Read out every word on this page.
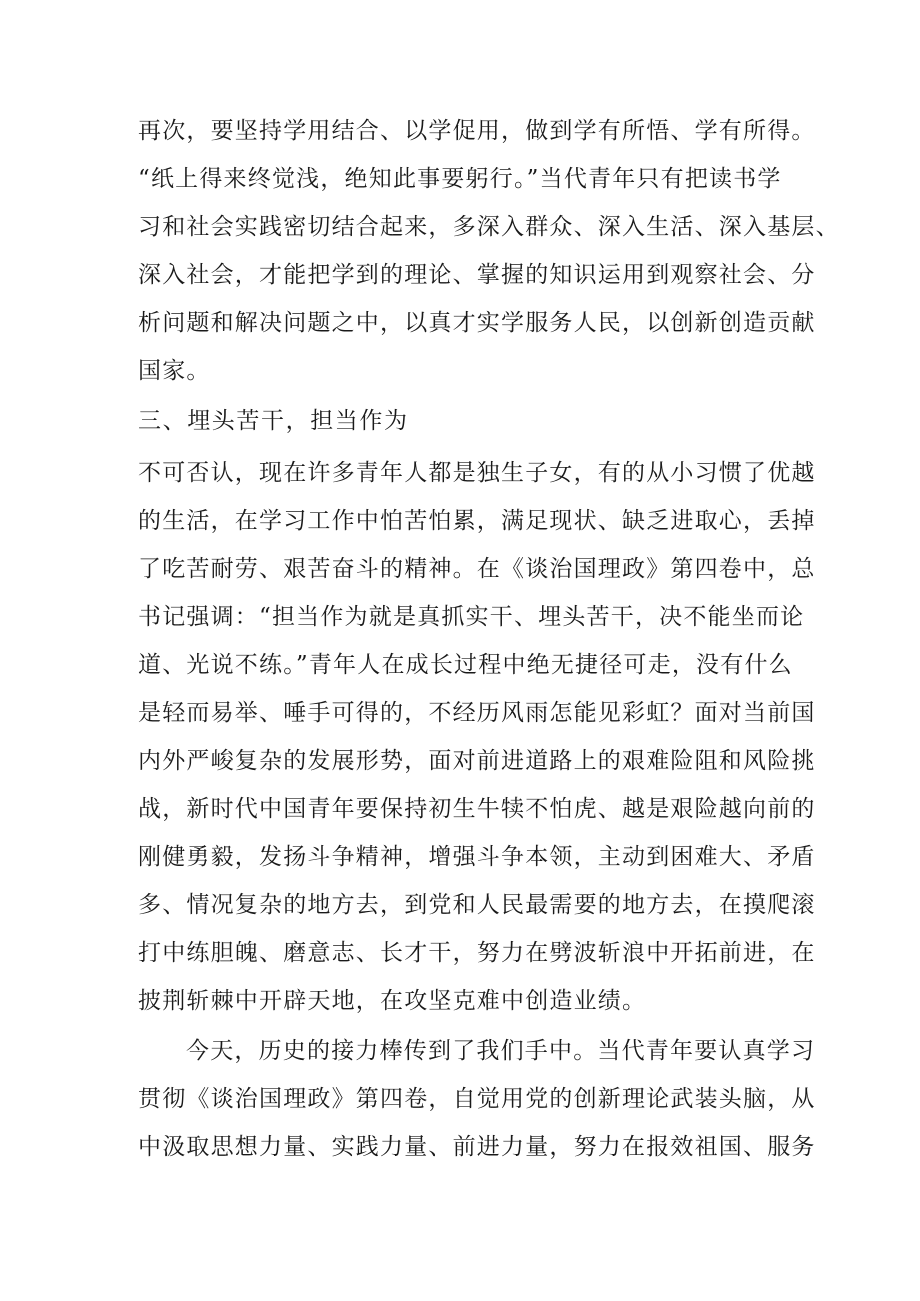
再次，要坚持学用结合、以学促用，做到学有所悟、学有所得。
“纸上得来终觉浅，绝知此事要躬行。”当代青年只有把读书学
习和社会实践密切结合起来，多深入群众、深入生活、深入基层、
深入社会，才能把学到的理论、掌握的知识运用到观察社会、分
析问题和解决问题之中，以真才实学服务人民，以创新创造贡献
国家。
三、埋头苦干，担当作为
不可否认，现在许多青年人都是独生子女，有的从小习惯了优越
的生活，在学习工作中怕苦怕累，满足现状、缺乏进取心，丢掉
了吃苦耐劳、艰苦奋斗的精神。在《谈治国理政》第四卷中，总
书记强调：“担当作为就是真抓实干、埋头苦干，决不能坐而论
道、光说不练。”青年人在成长过程中绝无捷径可走，没有什么
是轻而易举、唾手可得的，不经历风雨怎能见彩虹？面对当前国
内外严峻复杂的发展形势，面对前进道路上的艰难险阻和风险挑
战，新时代中国青年要保持初生牛犊不怕虎、越是艰险越向前的
刚健勇毅，发扬斗争精神，增强斗争本领，主动到困难大、矛盾
多、情况复杂的地方去，到党和人民最需要的地方去，在摸爬滚
打中练胆魄、磨意志、长才干，努力在劈波斩浪中开拓前进，在
披荆斩棘中开辟天地，在攻坚克难中创造业绩。
今天，历史的接力棒传到了我们手中。当代青年要认真学习
贯彻《谈治国理政》第四卷，自觉用党的创新理论武装头脑，从
中汲取思想力量、实践力量、前进力量，努力在报效祖国、服务
